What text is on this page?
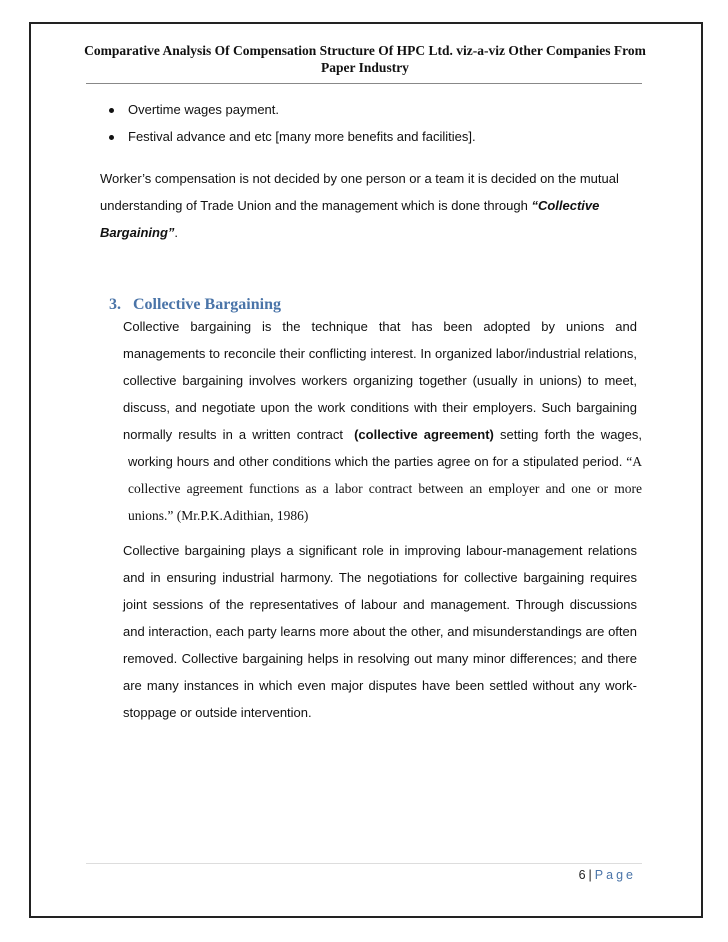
Comparative Analysis Of Compensation Structure Of HPC Ltd. viz-a-viz Other Companies From
Paper Industry
Overtime wages payment.
Festival advance and etc [many more benefits and facilities].

Worker’s compensation is not decided by one person or a team it is decided on the mutual understanding of Trade Union and the management which is done through “Collective Bargaining”.

3. Collective Bargaining

Collective bargaining is the technique that has been adopted by unions and managements to reconcile their conflicting interest. In organized labor/industrial relations, collective bargaining involves workers organizing together (usually in unions) to meet, discuss, and negotiate upon the work conditions with their employers. Such bargaining normally results in a written contract (collective agreement) setting forth the wages, working hours and other conditions which the parties agree on for a stipulated period. “A collective agreement functions as a labor contract between an employer and one or more unions.” (Mr.P.K.Adithian, 1986)

Collective bargaining plays a significant role in improving labour-management relations and in ensuring industrial harmony. The negotiations for collective bargaining requires joint sessions of the representatives of labour and management. Through discussions and interaction, each party learns more about the other, and misunderstandings are often removed. Collective bargaining helps in resolving out many minor differences; and there are many instances in which even major disputes have been settled without any work-stoppage or outside intervention.

6 | Page
